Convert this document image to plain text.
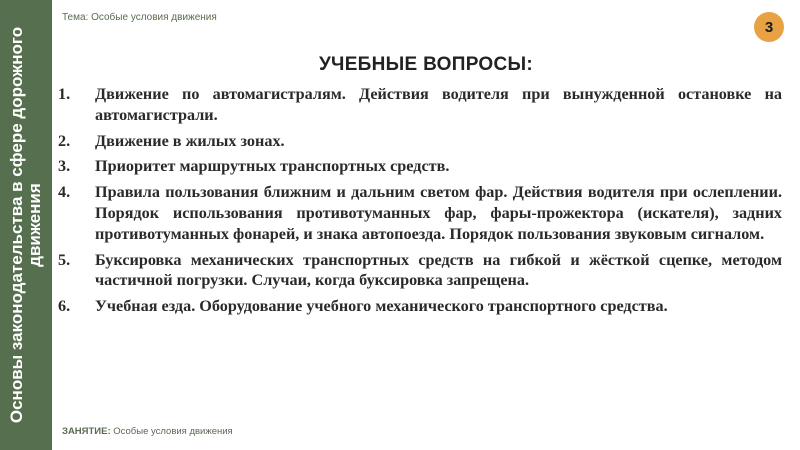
Основы законодательства в сфере дорожного движения
Тема: Особые условия движения
3
УЧЕБНЫЕ ВОПРОСЫ:
1.	Движение по автомагистралям. Действия водителя при вынужденной остановке на автомагистрали.
2.	Движение в жилых зонах.
3.	Приоритет маршрутных транспортных средств.
4.	Правила пользования ближним и дальним светом фар. Действия водителя при ослеплении. Порядок использования противотуманных фар, фары-прожектора (искателя), задних противотуманных фонарей, и знака автопоезда. Порядок пользования звуковым сигналом.
5.	Буксировка механических транспортных средств на гибкой и жёсткой сцепке, методом частичной погрузки. Случаи, когда буксировка запрещена.
6.	Учебная езда. Оборудование учебного механического транспортного средства.
ЗАНЯТИЕ: Особые условия движения
